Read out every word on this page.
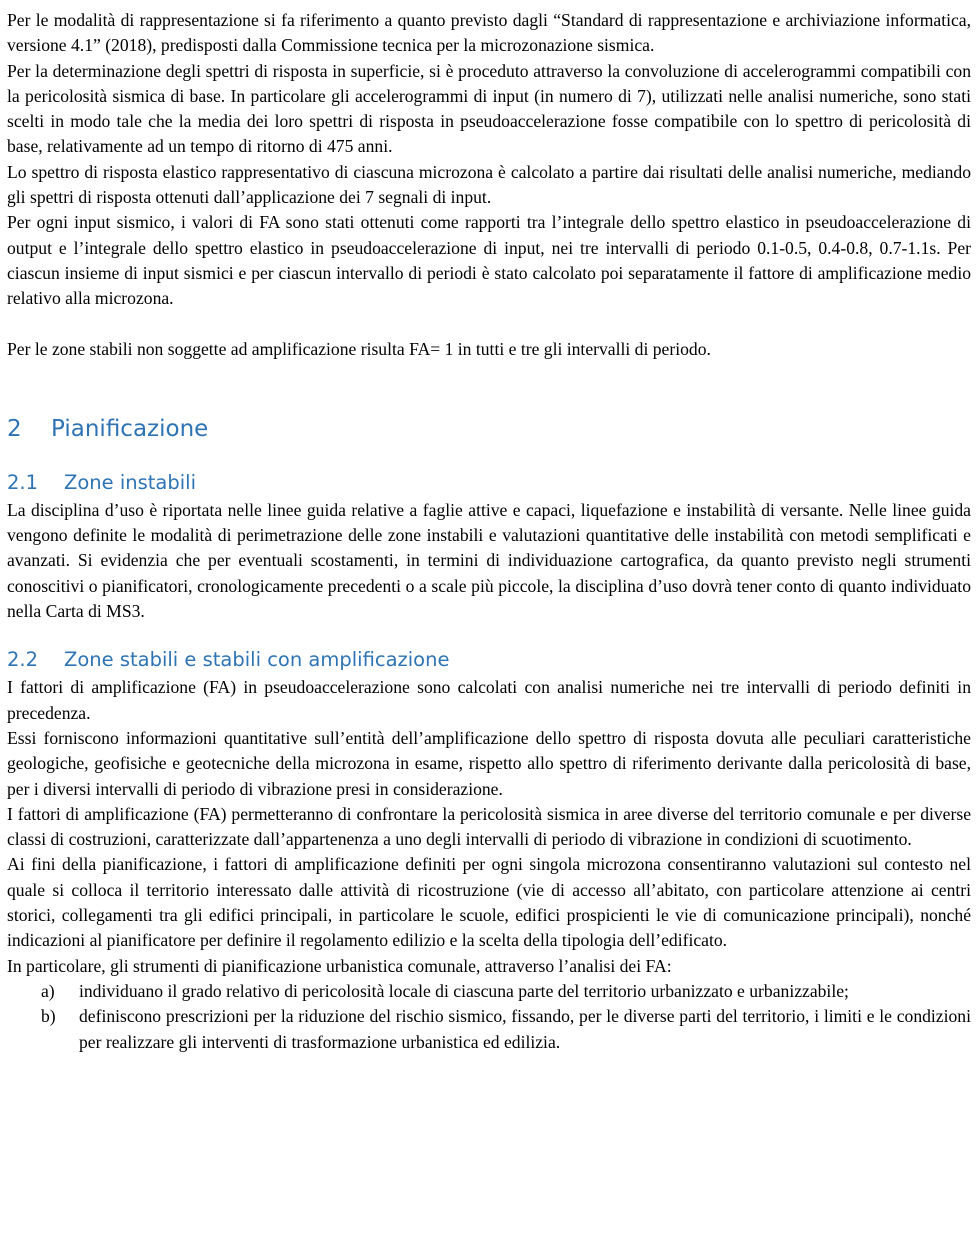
Per le modalità di rappresentazione si fa riferimento a quanto previsto dagli “Standard di rappresentazione e archiviazione informatica, versione 4.1” (2018), predisposti dalla Commissione tecnica per la microzonazione sismica.

Per la determinazione degli spettri di risposta in superficie, si è proceduto attraverso la convoluzione di accelerogrammi compatibili con la pericolosità sismica di base. In particolare gli accelerogrammi di input (in numero di 7), utilizzati nelle analisi numeriche, sono stati scelti in modo tale che la media dei loro spettri di risposta in pseudoaccelerazione fosse compatibile con lo spettro di pericolosità di base, relativamente ad un tempo di ritorno di 475 anni.

Lo spettro di risposta elastico rappresentativo di ciascuna microzona è calcolato a partire dai risultati delle analisi numeriche, mediando gli spettri di risposta ottenuti dall’applicazione dei 7 segnali di input.

Per ogni input sismico, i valori di FA sono stati ottenuti come rapporti tra l’integrale dello spettro elastico in pseudoaccelerazione di output e l’integrale dello spettro elastico in pseudoaccelerazione di input, nei tre intervalli di periodo 0.1-0.5, 0.4-0.8, 0.7-1.1s. Per ciascun insieme di input sismici e per ciascun intervallo di periodi è stato calcolato poi separatamente il fattore di amplificazione medio relativo alla microzona.

Per le zone stabili non soggette ad amplificazione risulta FA= 1 in tutti e tre gli intervalli di periodo.

2 Pianificazione
2.1 Zone instabili

La disciplina d’uso è riportata nelle linee guida relative a faglie attive e capaci, liquefazione e instabilità di versante. Nelle linee guida vengono definite le modalità di perimetrazione delle zone instabili e valutazioni quantitative delle instabilità con metodi semplificati e avanzati. Si evidenzia che per eventuali scostamenti, in termini di individuazione cartografica, da quanto previsto negli strumenti conoscitivi o pianificatori, cronologicamente precedenti o a scale più piccole, la disciplina d’uso dovrà tener conto di quanto individuato nella Carta di MS3.

2.2 Zone stabili e stabili con amplificazione

I fattori di amplificazione (FA) in pseudoaccelerazione sono calcolati con analisi numeriche nei tre intervalli di periodo definiti in precedenza.

Essi forniscono informazioni quantitative sull’entità dell’amplificazione dello spettro di risposta dovuta alle peculiari caratteristiche geologiche, geofisiche e geotecniche della microzona in esame, rispetto allo spettro di riferimento derivante dalla pericolosità di base, per i diversi intervalli di periodo di vibrazione presi in considerazione.

I fattori di amplificazione (FA) permetteranno di confrontare la pericolosità sismica in aree diverse del territorio comunale e per diverse classi di costruzioni, caratterizzate dall’appartenenza a uno degli intervalli di periodo di vibrazione in condizioni di scuotimento.

Ai fini della pianificazione, i fattori di amplificazione definiti per ogni singola microzona consentiranno valutazioni sul contesto nel quale si colloca il territorio interessato dalle attività di ricostruzione (vie di accesso all’abitato, con particolare attenzione ai centri storici, collegamenti tra gli edifici principali, in particolare le scuole, edifici prospicienti le vie di comunicazione principali), nonché indicazioni al pianificatore per definire il regolamento edilizio e la scelta della tipologia dell’edificato.

In particolare, gli strumenti di pianificazione urbanistica comunale, attraverso l’analisi dei FA:

a) individuano il grado relativo di pericolosità locale di ciascuna parte del territorio urbanizzato e urbanizzabile;
b) definiscono prescrizioni per la riduzione del rischio sismico, fissando, per le diverse parti del territorio, i limiti e le condizioni per realizzare gli interventi di trasformazione urbanistica ed edilizia.
